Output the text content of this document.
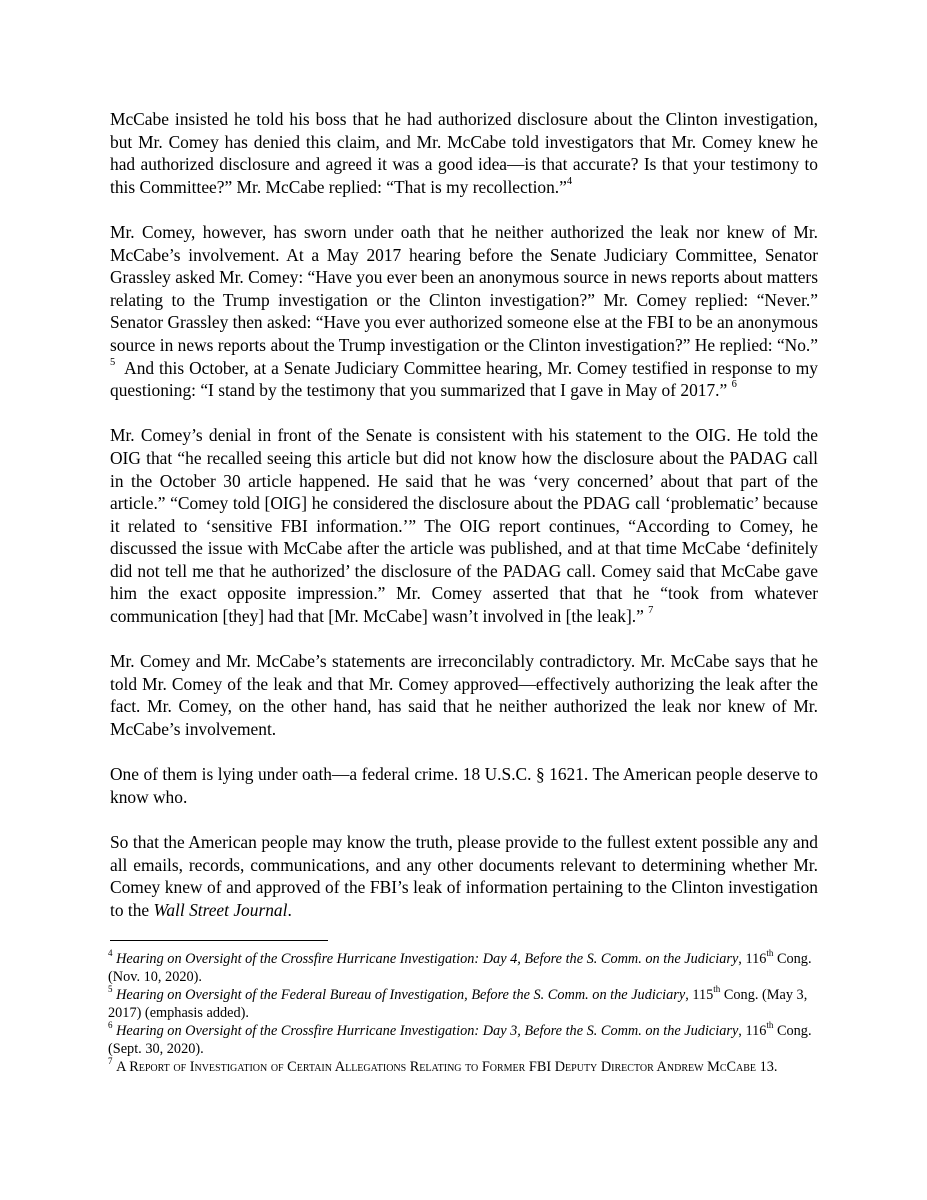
McCabe insisted he told his boss that he had authorized disclosure about the Clinton investigation, but Mr. Comey has denied this claim, and Mr. McCabe told investigators that Mr. Comey knew he had authorized disclosure and agreed it was a good idea—is that accurate? Is that your testimony to this Committee?” Mr. McCabe replied: “That is my recollection.”$^4$

Mr. Comey, however, has sworn under oath that he neither authorized the leak nor knew of Mr. McCabe’s involvement. At a May 2017 hearing before the Senate Judiciary Committee, Senator Grassley asked Mr. Comey: “Have you ever been an anonymous source in news reports about matters relating to the Trump investigation or the Clinton investigation?” Mr. Comey replied: “Never.” Senator Grassley then asked: “Have you ever authorized someone else at the FBI to be an anonymous source in news reports about the Trump investigation or the Clinton investigation?” He replied: “No.” $^5$  And this October, at a Senate Judiciary Committee hearing, Mr. Comey testified in response to my questioning: “I stand by the testimony that you summarized that I gave in May of 2017.” $^6$

Mr. Comey’s denial in front of the Senate is consistent with his statement to the OIG. He told the OIG that “he recalled seeing this article but did not know how the disclosure about the PADAG call in the October 30 article happened. He said that he was ‘very concerned’ about that part of the article.” “Comey told [OIG] he considered the disclosure about the PDAG call ‘problematic’ because it related to ‘sensitive FBI information.’” The OIG report continues, “According to Comey, he discussed the issue with McCabe after the article was published, and at that time McCabe ‘definitely did not tell me that he authorized’ the disclosure of the PADAG call. Comey said that McCabe gave him the exact opposite impression.” Mr. Comey asserted that that he “took from whatever communication [they] had that [Mr. McCabe] wasn’t involved in [the leak].” $^7$

Mr. Comey and Mr. McCabe’s statements are irreconcilably contradictory. Mr. McCabe says that he told Mr. Comey of the leak and that Mr. Comey approved—effectively authorizing the leak after the fact. Mr. Comey, on the other hand, has said that he neither authorized the leak nor knew of Mr. McCabe’s involvement.

One of them is lying under oath—a federal crime. 18 U.S.C. § 1621. The American people deserve to know who.

So that the American people may know the truth, please provide to the fullest extent possible any and all emails, records, communications, and any other documents relevant to determining whether Mr. Comey knew of and approved of the FBI’s leak of information pertaining to the Clinton investigation to the Wall Street Journal.

$^4$ Hearing on Oversight of the Crossfire Hurricane Investigation: Day 4, Before the S. Comm. on the Judiciary, 116th Cong. (Nov. 10, 2020).

$^5$ Hearing on Oversight of the Federal Bureau of Investigation, Before the S. Comm. on the Judiciary, 115th Cong. (May 3, 2017) (emphasis added).

$^6$ Hearing on Oversight of the Crossfire Hurricane Investigation: Day 3, Before the S. Comm. on the Judiciary, 116th Cong. (Sept. 30, 2020).

$^7$ A Report of Investigation of Certain Allegations Relating to Former FBI Deputy Director Andrew McCabe 13.
